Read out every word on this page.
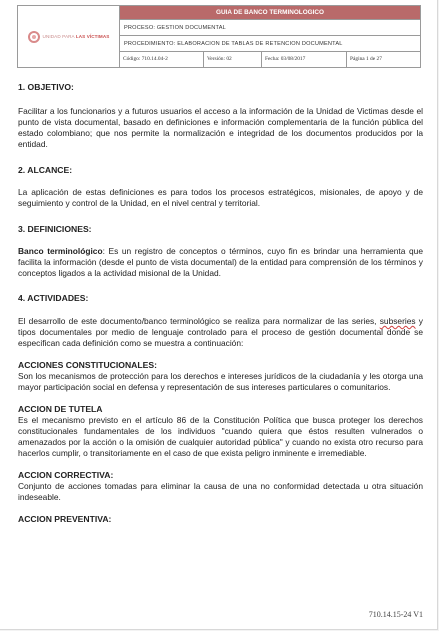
UNIDAD PARA LAS VÍCTIMAS
GUIA DE BANCO TERMINOLOGICO
PROCESO: GESTION DOCUMENTAL
PROCEDIMIENTO: ELABORACION DE TABLAS DE RETENCION DOCUMENTAL
Código: 710.14.04-2	Versión: 02	Fecha: 03/08/2017	Página 1 de 27

1. OBJETIVO:

Facilitar a los funcionarios y a futuros usuarios el acceso a la información de la Unidad de Victimas desde el punto de vista documental, basado en definiciones e información complementaria de la función pública del estado colombiano; que nos permite la normalización e integridad de los documentos producidos por la entidad.

2. ALCANCE:

La aplicación de estas definiciones es para todos los procesos estratégicos, misionales, de apoyo y de seguimiento y control de la Unidad, en el nivel central y territorial.

3. DEFINICIONES:

Banco terminológico: Es un registro de conceptos o términos, cuyo fin es brindar una herramienta que facilita la información (desde el punto de vista documental) de la entidad para comprensión de los términos y conceptos ligados a la actividad misional de la Unidad.

4. ACTIVIDADES:

El desarrollo de este documento/banco terminológico se realiza para normalizar de las series, subseries y tipos documentales por medio de lenguaje controlado para el proceso de gestión documental donde se especifican cada definición como se muestra a continuación:

ACCIONES CONSTITUCIONALES:

Son los mecanismos de protección para los derechos e intereses jurídicos de la ciudadanía y les otorga una mayor participación social en defensa y representación de sus intereses particulares o comunitarios.

ACCION DE TUTELA

Es el mecanismo previsto en el artículo 86 de la Constitución Política que busca proteger los derechos constitucionales fundamentales de los individuos "cuando quiera que éstos resulten vulnerados o amenazados por la acción o la omisión de cualquier autoridad pública" y cuando no exista otro recurso para hacerlos cumplir, o transitoriamente en el caso de que exista peligro inminente e irremediable.

ACCION CORRECTIVA:

Conjunto de acciones tomadas para eliminar la causa de una no conformidad detectada u otra situación indeseable.

ACCION PREVENTIVA:

710.14.15-24 V1
